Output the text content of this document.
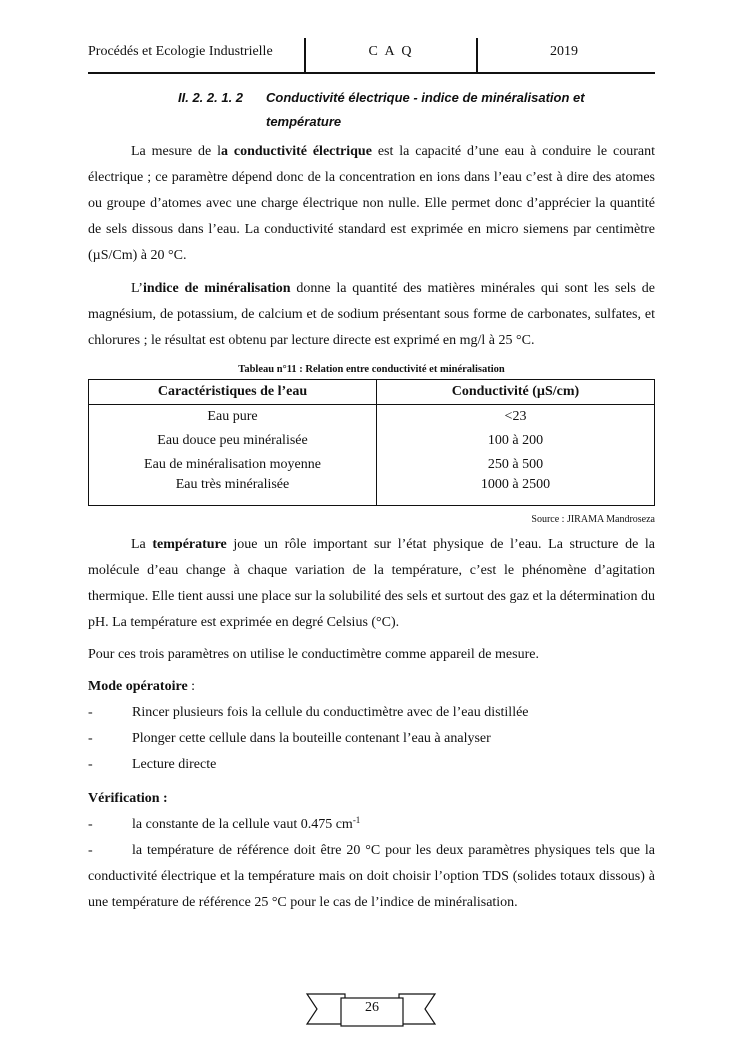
Procédés et Ecologie Industrielle	C A Q	2019
II. 2. 2. 1. 2	Conductivité électrique - indice de minéralisation et température

La mesure de la conductivité électrique est la capacité d’une eau à conduire le courant électrique ; ce paramètre dépend donc de la concentration en ions dans l’eau c’est à dire des atomes ou groupe d’atomes avec une charge électrique non nulle. Elle permet donc d’apprécier la quantité de sels dissous dans l’eau. La conductivité standard est exprimée en micro siemens par centimètre (µS/Cm) à 20 °C.

L’indice de minéralisation donne la quantité des matières minérales qui sont les sels de magnésium, de potassium, de calcium et de sodium présentant sous forme de carbonates, sulfates, et chlorures ; le résultat est obtenu par lecture directe est exprimé en mg/l à 25 °C.

Tableau n°11 : Relation entre conductivité et minéralisation
Caractéristiques de l’eau	Conductivité (µS/cm)
Eau pure	<23
Eau douce peu minéralisée	100 à 200
Eau de minéralisation moyenne	250 à 500
Eau très minéralisée	1000 à 2500
Source : JIRAMA Mandroseza

La température joue un rôle important sur l’état physique de l’eau. La structure de la molécule d’eau change à chaque variation de la température, c’est le phénomène d’agitation thermique. Elle tient aussi une place sur la solubilité des sels et surtout des gaz et la détermination du pH. La température est exprimée en degré Celsius (°C).

Pour ces trois paramètres on utilise le conductimètre comme appareil de mesure.

Mode opératoire :
-	Rincer plusieurs fois la cellule du conductimètre avec de l’eau distillée
-	Plonger cette cellule dans la bouteille contenant l’eau à analyser
-	Lecture directe
Vérification :
-	la constante de la cellule vaut 0.475 $cm^{-1}$

-	la température de référence doit être 20 °C pour les deux paramètres physiques tels que la conductivité électrique et la température mais on doit choisir l’option TDS (solides totaux dissous) à une température de référence 25 °C pour le cas de l’indice de minéralisation.

26
